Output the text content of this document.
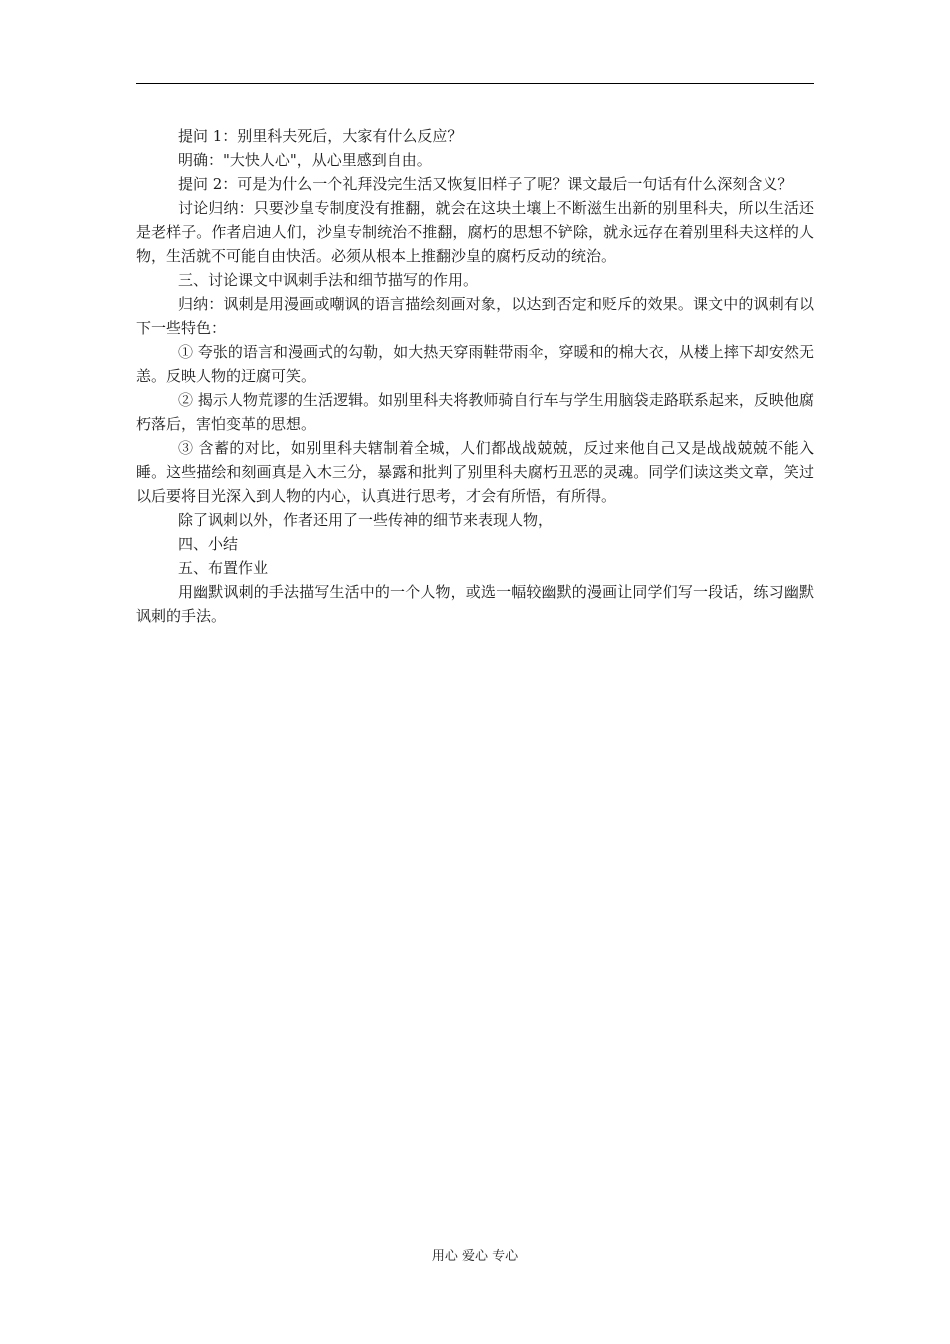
提问 1：别里科夫死后，大家有什么反应？

明确："大快人心"，从心里感到自由。

提问 2：可是为什么一个礼拜没完生活又恢复旧样子了呢？课文最后一句话有什么深刻含义？

讨论归纳：只要沙皇专制度没有推翻，就会在这块土壤上不断滋生出新的别里科夫，所以生活还是老样子。作者启迪人们，沙皇专制统治不推翻，腐朽的思想不铲除，就永远存在着别里科夫这样的人物，生活就不可能自由快活。必须从根本上推翻沙皇的腐朽反动的统治。

三、讨论课文中讽刺手法和细节描写的作用。

归纳：讽刺是用漫画或嘲讽的语言描绘刻画对象，以达到否定和贬斥的效果。课文中的讽刺有以下一些特色：

① 夸张的语言和漫画式的勾勒，如大热天穿雨鞋带雨伞，穿暖和的棉大衣，从楼上摔下却安然无恙。反映人物的迂腐可笑。

② 揭示人物荒谬的生活逻辑。如别里科夫将教师骑自行车与学生用脑袋走路联系起来，反映他腐朽落后，害怕变革的思想。

③ 含蓄的对比，如别里科夫辖制着全城，人们都战战兢兢，反过来他自己又是战战兢兢不能入睡。这些描绘和刻画真是入木三分，暴露和批判了别里科夫腐朽丑恶的灵魂。同学们读这类文章，笑过以后要将目光深入到人物的内心，认真进行思考，才会有所悟，有所得。

除了讽刺以外，作者还用了一些传神的细节来表现人物，

四、小结

五、布置作业

用幽默讽刺的手法描写生活中的一个人物，或选一幅较幽默的漫画让同学们写一段话，练习幽默讽刺的手法。

用心 爱心 专心
